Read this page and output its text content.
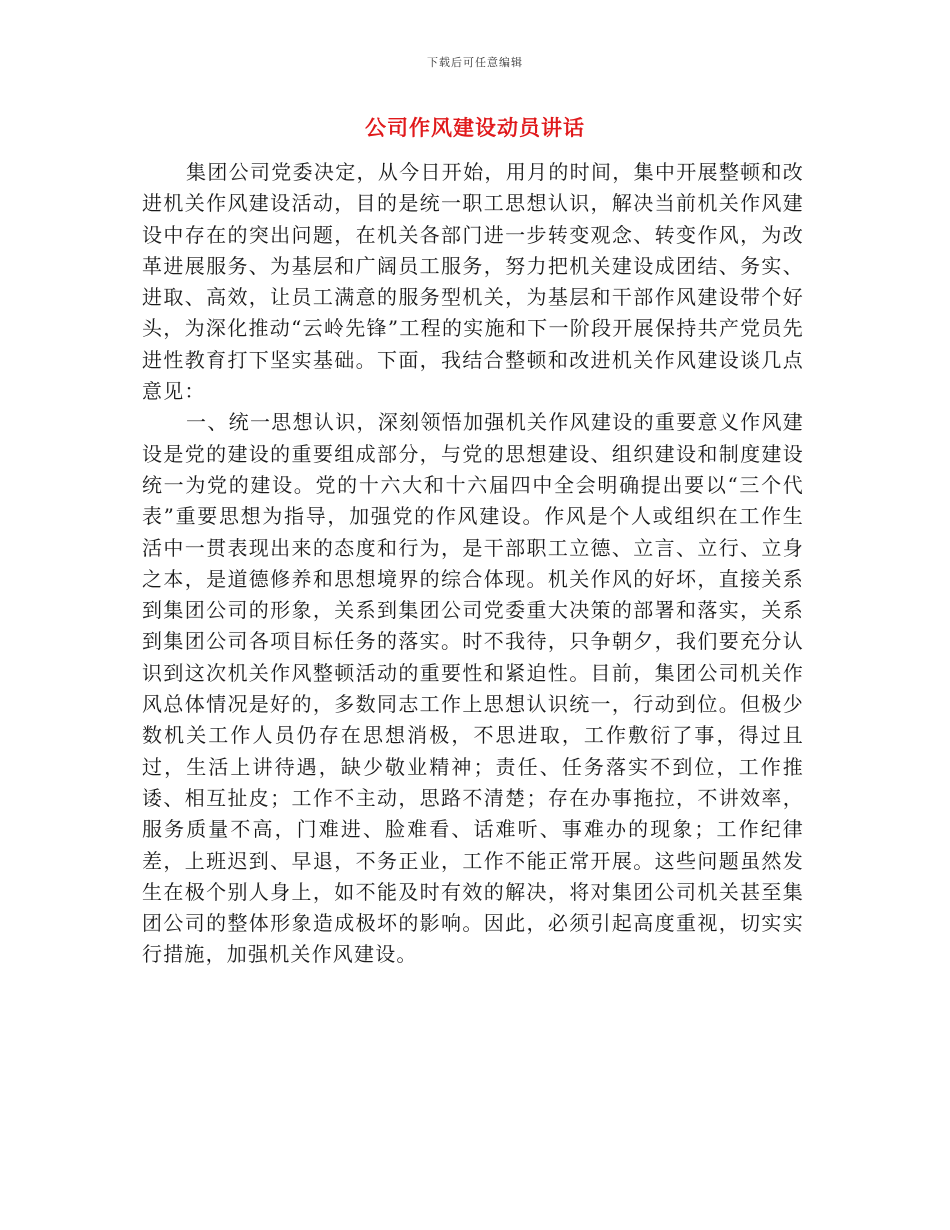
下载后可任意编辑
公司作风建设动员讲话

集团公司党委决定，从今日开始，用月的时间，集中开展整顿和改进机关作风建设活动，目的是统一职工思想认识，解决当前机关作风建设中存在的突出问题，在机关各部门进一步转变观念、转变作风，为改革进展服务、为基层和广阔员工服务，努力把机关建设成团结、务实、进取、高效，让员工满意的服务型机关，为基层和干部作风建设带个好头，为深化推动“云岭先锋”工程的实施和下一阶段开展保持共产党员先进性教育打下坚实基础。下面，我结合整顿和改进机关作风建设谈几点意见：

一、统一思想认识，深刻领悟加强机关作风建设的重要意义作风建设是党的建设的重要组成部分，与党的思想建设、组织建设和制度建设统一为党的建设。党的十六大和十六届四中全会明确提出要以“三个代表”重要思想为指导，加强党的作风建设。作风是个人或组织在工作生活中一贯表现出来的态度和行为，是干部职工立德、立言、立行、立身之本，是道德修养和思想境界的综合体现。机关作风的好坏，直接关系到集团公司的形象，关系到集团公司党委重大决策的部署和落实，关系到集团公司各项目标任务的落实。时不我待，只争朝夕，我们要充分认识到这次机关作风整顿活动的重要性和紧迫性。目前，集团公司机关作风总体情况是好的，多数同志工作上思想认识统一，行动到位。但极少数机关工作人员仍存在思想消极，不思进取，工作敷衍了事，得过且过，生活上讲待遇，缺少敬业精神；责任、任务落实不到位，工作推诿、相互扯皮；工作不主动，思路不清楚；存在办事拖拉，不讲效率，服务质量不高，门难进、脸难看、话难听、事难办的现象；工作纪律差，上班迟到、早退，不务正业，工作不能正常开展。这些问题虽然发生在极个别人身上，如不能及时有效的解决，将对集团公司机关甚至集团公司的整体形象造成极坏的影响。因此，必须引起高度重视，切实实行措施，加强机关作风建设。
